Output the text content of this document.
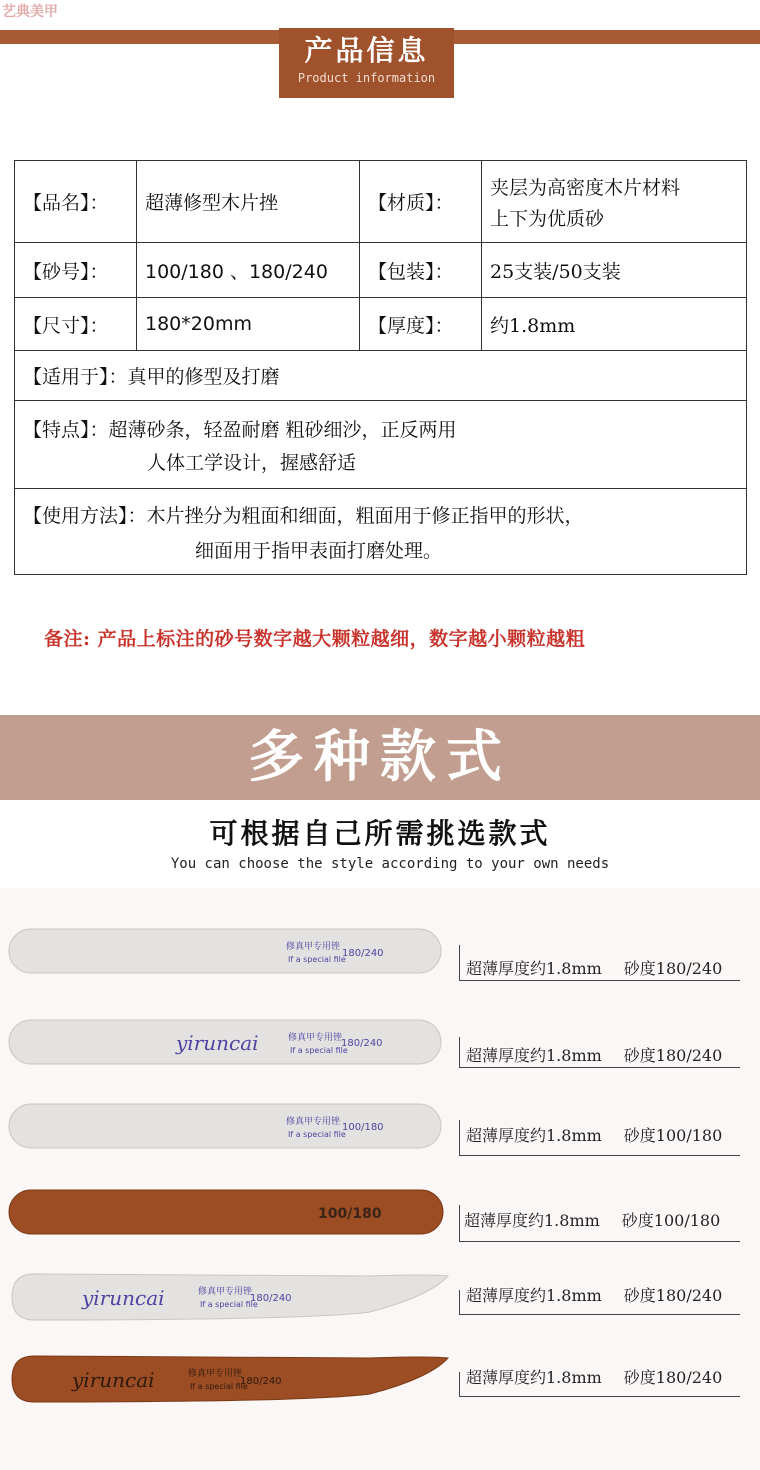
艺典美甲
产品信息
Product information
【品名】：	超薄修型木片挫	【材质】：	夹层为高密度木片材料
上下为优质砂

【砂号】：	100/180 、180/240	【包装】：	25支装/50支装
【尺寸】：	180*20mm	【厚度】：	约1.8mm
【适用于】：真甲的修型及打磨			

【特点】：超薄砂条，轻盈耐磨 粗砂细沙，正反两用
人体工学设计，握感舒适			

【使用方法】：木片挫分为粗面和细面，粗面用于修正指甲的形状，
细面用于指甲表面打磨处理。			
备注: 产品上标注的砂号数字越大颗粒越细，数字越小颗粒越粗
多种款式
可根据自己所需挑选款式
You can choose the style according to your own needs
修真甲专用锉
If a special file
180/240
超薄厚度约1.8mm 砂度180/240
yiruncai	修真甲专用锉
If a special file
180/240
超薄厚度约1.8mm 砂度180/240
修真甲专用锉
If a special file
100/180	超薄厚度约1.8mm 砂度100/180
100/180	超薄厚度约1.8mm 砂度100/180
yiruncai	修真甲专用锉
If a special file
180/240	超薄厚度约1.8mm 砂度180/240
yiruncai	修真甲专用锉
If a special file
180/240	超薄厚度约1.8mm 砂度180/240
